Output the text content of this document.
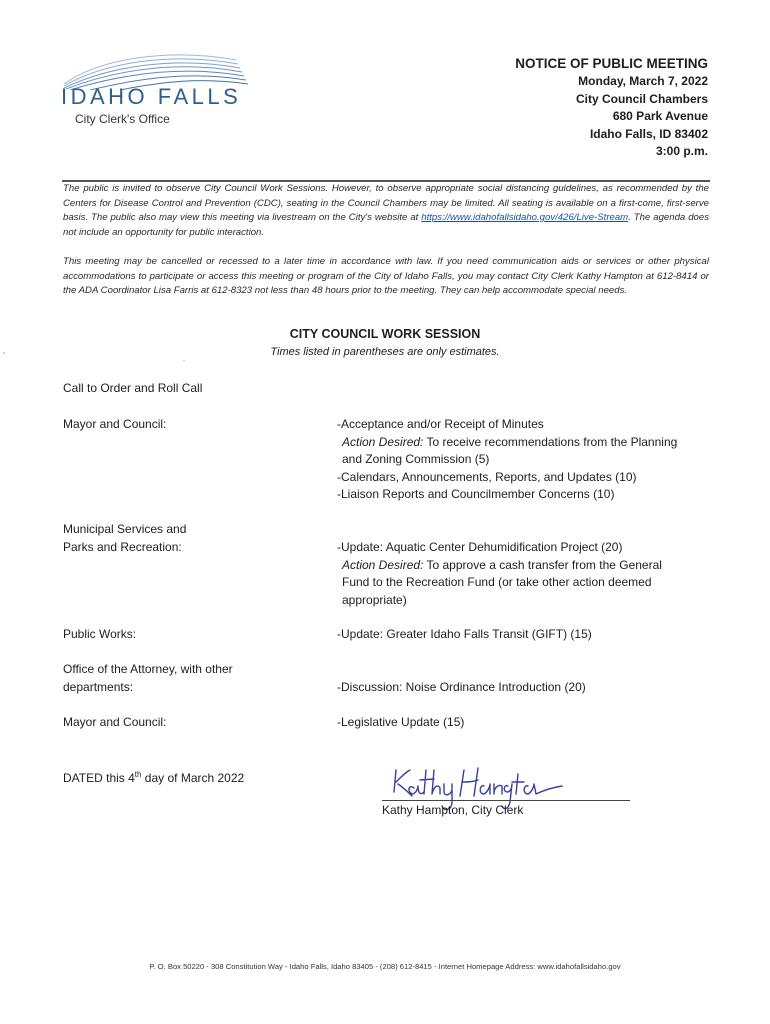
IDAHO FALLS
City Clerk's Office
NOTICE OF PUBLIC MEETING
Monday, March 7, 2022
City Council Chambers
680 Park Avenue
Idaho Falls, ID 83402
3:00 p.m.
The public is invited to observe City Council Work Sessions. However, to observe appropriate social distancing guidelines, as recommended by the Centers for Disease Control and Prevention (CDC), seating in the Council Chambers may be limited. All seating is available on a first-come, first-serve basis. The public also may view this meeting via livestream on the City's website at https://www.idahofallsidaho.gov/426/Live-Stream. The agenda does not include an opportunity for public interaction.
This meeting may be cancelled or recessed to a later time in accordance with law. If you need communication aids or services or other physical accommodations to participate or access this meeting or program of the City of Idaho Falls, you may contact City Clerk Kathy Hampton at 612-8414 or the ADA Coordinator Lisa Farris at 612-8323 not less than 48 hours prior to the meeting. They can help accommodate special needs.
CITY COUNCIL WORK SESSION
Times listed in parentheses are only estimates.
Call to Order and Roll Call
Mayor and Council:	-Acceptance and/or Receipt of Minutes
Action Desired: To receive recommendations from the Planning
and Zoning Commission (5)
-Calendars, Announcements, Reports, and Updates (10)
-Liaison Reports and Councilmember Concerns (10)
Municipal Services and
Parks and Recreation:	-Update: Aquatic Center Dehumidification Project (20)
Action Desired: To approve a cash transfer from the General
Fund to the Recreation Fund (or take other action deemed
appropriate)
Public Works:	-Update: Greater Idaho Falls Transit (GIFT) (15)
Office of the Attorney, with other
departments:	-Discussion: Noise Ordinance Introduction (20)
Mayor and Council:	-Legislative Update (15)
DATED this 4th day of March 2022
Kathy Hampton, City Clerk
P. O. Box 50220 - 308 Constitution Way - Idaho Falls, Idaho 83405 - (208) 612-8415 - Internet Homepage Address: www.idahofallsidaho.gov
